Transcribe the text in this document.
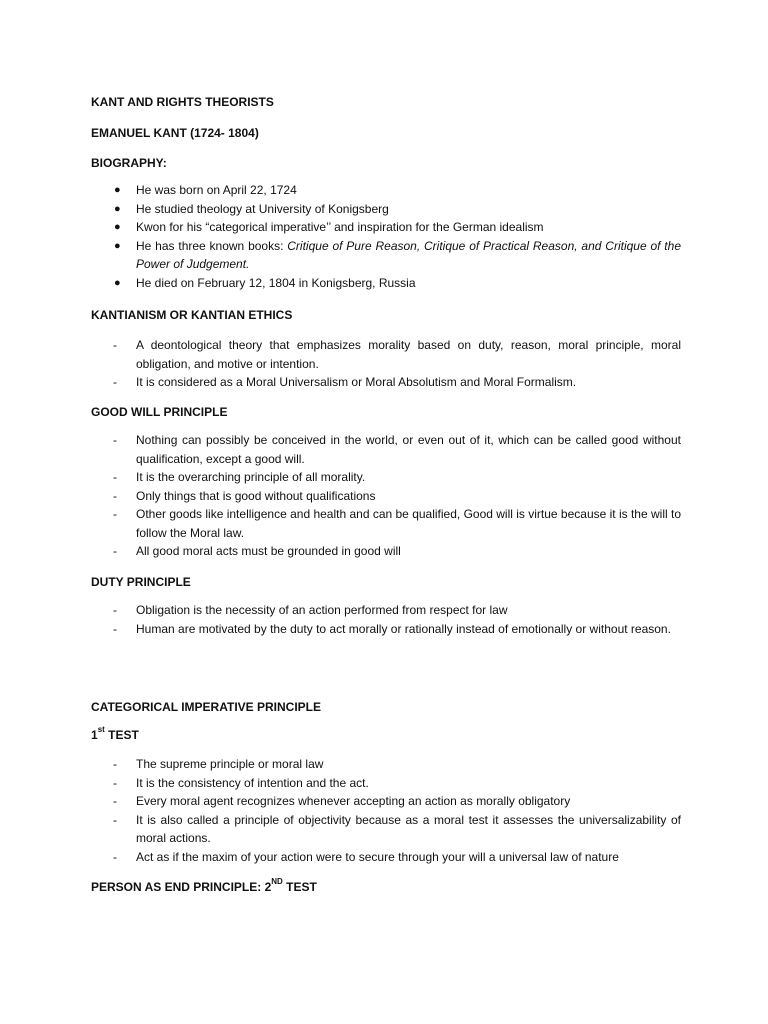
KANT AND RIGHTS THEORISTS
EMANUEL KANT (1724- 1804)
BIOGRAPHY:
● He was born on April 22, 1724
● He studied theology at University of Konigsberg
● Kwon for his “categorical imperative’’ and inspiration for the German idealism
● He has three known books: Critique of Pure Reason, Critique of Practical Reason, and Critique of the Power of Judgement.
● He died on February 12, 1804 in Konigsberg, Russia
KANTIANISM OR KANTIAN ETHICS
- A deontological theory that emphasizes morality based on duty, reason, moral principle, moral obligation, and motive or intention.
- It is considered as a Moral Universalism or Moral Absolutism and Moral Formalism.
GOOD WILL PRINCIPLE
- Nothing can possibly be conceived in the world, or even out of it, which can be called good without qualification, except a good will.
- It is the overarching principle of all morality.
- Only things that is good without qualifications
- Other goods like intelligence and health and can be qualified, Good will is virtue because it is the will to follow the Moral law.
- All good moral acts must be grounded in good will
DUTY PRINCIPLE
- Obligation is the necessity of an action performed from respect for law
- Human are motivated by the duty to act morally or rationally instead of emotionally or without reason.
CATEGORICAL IMPERATIVE PRINCIPLE
1st TEST
- The supreme principle or moral law
- It is the consistency of intention and the act.
- Every moral agent recognizes whenever accepting an action as morally obligatory
- It is also called a principle of objectivity because as a moral test it assesses the universalizability of moral actions.
- Act as if the maxim of your action were to secure through your will a universal law of nature
PERSON AS END PRINCIPLE: 2ND TEST
